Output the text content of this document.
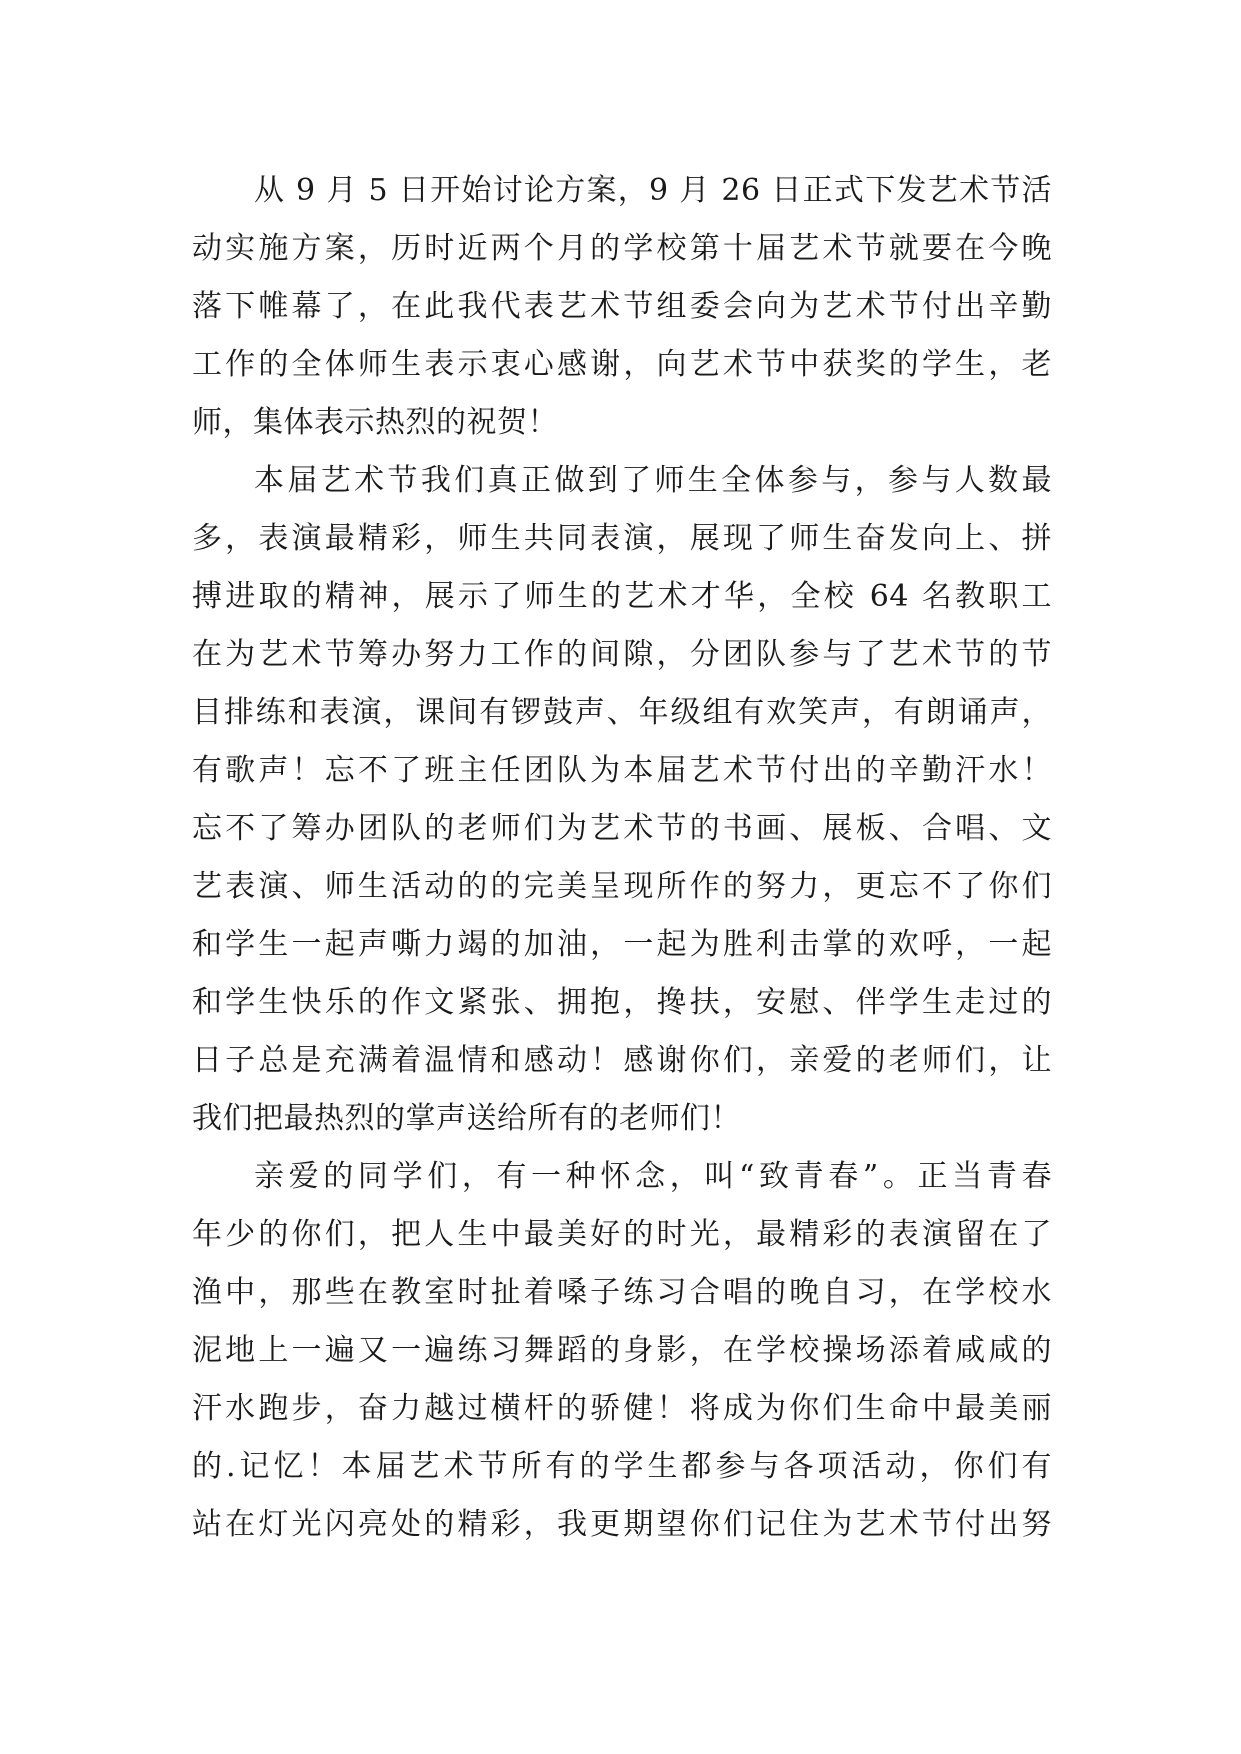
从 9 月 5 日开始讨论方案，9 月 26 日正式下发艺术节活
动实施方案，历时近两个月的学校第十届艺术节就要在今晚
落下帷幕了，在此我代表艺术节组委会向为艺术节付出辛勤
工作的全体师生表示衷心感谢，向艺术节中获奖的学生，老
师，集体表示热烈的祝贺！
本届艺术节我们真正做到了师生全体参与，参与人数最
多，表演最精彩，师生共同表演，展现了师生奋发向上、拼
搏进取的精神，展示了师生的艺术才华，全校 64 名教职工
在为艺术节筹办努力工作的间隙，分团队参与了艺术节的节
目排练和表演，课间有锣鼓声、年级组有欢笑声，有朗诵声，
有歌声！忘不了班主任团队为本届艺术节付出的辛勤汗水！
忘不了筹办团队的老师们为艺术节的书画、展板、合唱、文
艺表演、师生活动的的完美呈现所作的努力，更忘不了你们
和学生一起声嘶力竭的加油，一起为胜利击掌的欢呼，一起
和学生快乐的作文紧张、拥抱，搀扶，安慰、伴学生走过的
日子总是充满着温情和感动！感谢你们，亲爱的老师们，让
我们把最热烈的掌声送给所有的老师们！
亲爱的同学们，有一种怀念，叫“致青春”。正当青春
年少的你们，把人生中最美好的时光，最精彩的表演留在了
渔中，那些在教室时扯着嗓子练习合唱的晚自习，在学校水
泥地上一遍又一遍练习舞蹈的身影，在学校操场添着咸咸的
汗水跑步，奋力越过横杆的骄健！将成为你们生命中最美丽
的.记忆！本届艺术节所有的学生都参与各项活动，你们有
站在灯光闪亮处的精彩，我更期望你们记住为艺术节付出努
